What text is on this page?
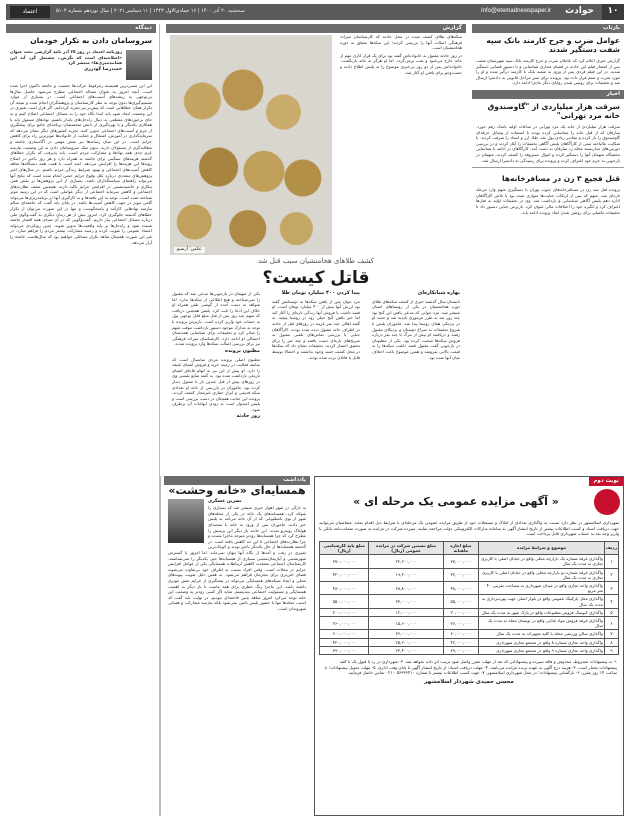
۱۰
حوادث
Info@etemadnewspaper.ir
سه‌شنبه ۲۰ آذر ۱۴۰۰ | ۱۶ جمادی‌الاول ۱۴۴۳ | ۱۱ دسامبر ۲۰۲۱ | سال نوزدهم شماره ۵۱۰۴
اعتماد
بازتاب
عوامل ضرب و جرح کارمند بانک سپه شفت دستگیر شدند

گزارش خبری اعلام کرد که عاملان ضرب و جرح کارمند بانک سپه شهرستان شفت پس از انتشار فیلم این حادثه در فضای مجازی شناسایی و با دستور قضایی دستگیر شدند. در این فیلم فردی پس از ورود به شعبه بانک با کارمند درگیر شده و او را مورد ضرب و شتم قرار داده بود. پرونده برای سیر مراحل قانونی به دادسرا ارسال شد و تحقیقات برای روشن شدن زوایای دیگر ماجرا ادامه دارد.

اخبار
سرقت هزار میلیاردی از "گاوصندوق خانه مرد تهرانی"

سرقت هزار میلیاردی از خانه یک مرد تهرانی در ساعات اولیه بامداد رقم خورد. سارقان که از قبل خانه را شناسایی کرده بودند با استفاده از وسایل حرفه‌ای گاوصندوق را باز کرده و مقادیر زیادی پول نقد، طلا، ارز و اسناد را سرقت کردند. با شکایت مالباخته تیمی از کارآگاهان پلیس آگاهی تحقیقات را آغاز کردند و در بررسی دوربین‌های مداربسته محله رد سارقان به دست آمد. کارآگاهان در ادامه با شناسایی مخفیگاه متهمان آنها را دستگیر کرده و اموال مسروقه را کشف کردند. متهمان در بازجویی به جرم خود اعتراف کرده و پرونده برای رسیدگی به دادسرا ارسال شد.

قتل فجیع ۳ زن در مسافرخانه‌ها

پرونده قتل سه زن در مسافرخانه‌های جنوب تهران با دستگیری متهم وارد مرحله تازه‌ای شد. متهم که پس از ارتکاب جنایت‌ها متواری شده بود با تلاش کارآگاهان اداره دهم پلیس آگاهی شناسایی و بازداشت شد. وی در تحقیقات اولیه به قتل‌ها اعتراف کرد و انگیزه خود را اختلافات مالی عنوان کرد. بازپرس جنایی دستور داد تا تحقیقات تکمیلی برای روشن شدن ابعاد پرونده ادامه یابد.

گزارش

سکه‌های طلای کشف شده در محل حادثه که کارشناسان میراث فرهنگی اصالت آنها را بررسی کردند؛ این سکه‌ها متعلق به دوره هخامنشیان است.

در روز حادثه مقتول به خانواده‌اش گفته بود برای یک قرار کاری مهم از خانه خارج می‌شود و شب برمی‌گردد. اما او هرگز به خانه بازنگشت. خانواده‌اش پس از دو روز بی‌خبری موضوع را به پلیس اطلاع دادند و جست‌وجو برای یافتن او آغاز شد.

عکس: آرشیو
کشف طلاهای هخامنشیان سبب قتل شد
قاتل کیست؟
بهاره شبانکاره‌ای

تابستان سال گذشته خبری از کشف سکه‌های طلای دوره هخامنشیان در یکی از روستاهای استان منتشر شد. مرد جوانی که مدعی یافتن این گنج بود چند روز بعد به طرز مرموزی ناپدید شد و جسد او در نزدیکی همان روستا پیدا شد. ماموران پلیس با شروع تحقیقات به سراغ دوستان و نزدیکان مقتول رفتند و دریافتند او پیش از مرگ با چند نفر درباره فروش سکه‌ها صحبت کرده بود. یکی از مظنونان در بازجویی گفت مقتول قصد داشت سکه‌ها را به قیمت بالایی بفروشد و همین موضوع باعث اختلاف میان آنها شده بود.

پیدا کردن ۴۰۰ میلیارد تومان طلا

مرد جوان پس از یافتن سکه‌ها به دوستانش گفته بود ارزش آنها بیش از ۴۰۰ میلیارد تومان است. او قصد داشت با فروش آنها زندگی تازه‌ای را آغاز کند اما خبر یافتن گنج خیلی زود در روستا پیچید. به گفته اهالی چند نفر غریبه در روزهای قبل از حادثه در اطراف خانه مقتول دیده شده بودند. کارآگاهان جنایی با بررسی تماس‌های تلفنی مقتول به سرنخ‌های تازه‌ای دست یافتند و چند نفر را برای تحقیق احضار کردند. تحقیقات نشان داد که سکه‌ها در محل کشف جسد وجود نداشتند و احتمالا توسط قاتل یا قاتلان برده شده بودند.

یکی از متهمان در بازجویی‌ها مدعی شد که مقتول را نمی‌شناخته و هیچ اطلاعی از سکه‌ها ندارد. اما شواهد به دست آمده از گوشی تلفن همراه او خلاف این ادعا را ثابت کرد. پلیس همچنین دریافت که متهم چند روز پس از قتل مبلغ قابل توجهی پول به حساب خود واریز کرده است. بازپرس پرونده با توجه به مدارک موجود دستور بازداشت موقت متهم را صادر کرد و تحقیقات برای شناسایی همدستان احتمالی او ادامه دارد. کارشناسان میراث فرهنگی نیز برای بررسی اصالت سکه‌ها وارد پرونده شدند.

مظنون پرونده

مظنون اصلی پرونده مردی میانسال است که سابقه فعالیت در زمینه خرید و فروش اشیای عتیقه را دارد. او پیش از این نیز به اتهام قاچاق اشیای تاریخی بازداشت شده بود. به گفته منابع پلیسی وی در روزهای پیش از قتل چندین بار با مقتول دیدار کرده بود. ماموران در بازرسی از خانه او تعدادی سکه قدیمی و ابزار حفاری غیرمجاز کشف کردند. پرونده این جنایت همچنان در دست بررسی است و پلیس امیدوار است به زودی ابهامات آن برطرف شود.

روز حادثه
دیدگاه
سروسامان دادن به تکرار خودمان

روزنامه اعتماد در روز ۲۵ آذر نامه گزارشی تحت عنوان «اصلاحیه‌ای است که نگرش.. مشتمل گرد آند این همانندمیری‌ها» منتشر کرد

حمیدرضا گودرزی

این این مسی‌ترین همبسته زمرقوط حرکت‌ها جمعیت و جامعه تاکنون اجرا شده است. آنچه امروز به عنوان مساله اجتماعی مطرح می‌شود حاصل سال‌ها بی‌توجهی به ریشه‌های آسیب‌های اجتماعی است. در بسیاری از موارد تصمیم‌گیری‌ها بدون توجه به نظر کارشناسان و پژوهشگران انجام شده و نتیجه آن تکرار همان خطاهایی است که پیش‌تر نیز تجربه کرده‌ایم. اگر قرار است تغییری در این وضعیت ایجاد شود باید ابتدا نگاه خود را به مسائل اجتماعی اصلاح کنیم و به جای برخوردهای مقطعی به دنبال راه‌حل‌های پایدار باشیم. نهادهای مسئول باید با همکاری یکدیگر و با بهره‌گیری از دانش متخصصان برنامه‌ای جامع برای پیشگیری از جرم و آسیب‌های اجتماعی تدوین کنند. تجربه کشورهای دیگر نشان می‌دهد که سرمایه‌گذاری در آموزش، اشتغال و حمایت از خانواده‌ها موثرترین راه برای کاهش جرایم است. در این میان رسانه‌ها نیز نقش مهمی در آگاه‌سازی جامعه و مطالبه‌گری از مسئولان دارند. بدون شک سروسامان دادن به این وضعیت نیازمند عزم جدی همه نهادها و مشارکت مردم است. باید پذیرفت که تکرار خطاهای گذشته هزینه‌های سنگینی برای جامعه به همراه دارد و هر روز تاخیر در اصلاح رویه‌ها این هزینه‌ها را افزایش می‌دهد. امید است با همت همه دستگاه‌ها شاهد کاهش آسیب‌های اجتماعی و بهبود شرایط زندگی مردم باشیم. در سال‌های اخیر پژوهش‌های متعددی درباره علل وقوع جرایم خشن انجام شده است که نتایج آنها می‌تواند راهنمای سیاستگذاران باشد. بسیاری از این پژوهش‌ها بر نقش فقر، بیکاری و حاشیه‌نشینی در افزایش جرایم تاکید دارند. همچنین ضعف نظارت‌های اجتماعی و کاهش سرمایه اجتماعی از دیگر عواملی است که در این زمینه موثر شناخته شده است. توجه به این یافته‌ها و به کارگیری آنها در برنامه‌ریزی‌ها می‌تواند گامی موثر در جهت کاهش آسیب‌ها باشد. در پایان باید گفت که جامعه‌ای سالم نیازمند نهادهایی کارآمد و پاسخگوست و تنها در این صورت می‌توان از تکرار خطاهای گذشته جلوگیری کرد. امروز بیش از هر زمان دیگری به گفت‌وگوی ملی درباره مسائل اجتماعی نیاز داریم. گفت‌وگویی که در آن صدای همه اقشار جامعه شنیده شود و راه‌حل‌ها بر پایه واقعیت‌ها تدوین شوند. چنین رویکردی می‌تواند اعتماد عمومی را تقویت کرده و زمینه مشارکت بیشتر مردم را فراهم سازد. در غیر این صورت همچنان شاهد تکرار مسائلی خواهیم بود که سال‌هاست جامعه را آزار می‌دهد.

نوبت دوم
« آگهی مزایده عمومی یک مرحله ای »

شهرداری اسلامشهر در نظر دارد نسبت به واگذاری تعدادی از املاک و مستغلات خود از طریق مزایده عمومی یک مرحله‌ای با شرایط ذیل اقدام نماید. متقاضیان می‌توانند جهت دریافت اسناد و کسب اطلاعات بیشتر از تاریخ انتشار آگهی به سامانه تدارکات الکترونیکی دولت مراجعه نمایند. سپرده شرکت در مزایده به صورت ضمانت‌نامه بانکی یا واریز وجه نقد به حساب شهرداری قابل پرداخت است.

ردیف	موضوع و شرایط مزایده	مبلغ اجاره ماهیانه	مبلغ تضمین شرکت در مزایده عمومی (ریال)	مبلغ پایه کارشناسی (ریال)
۱	واگذاری غرفه شماره یک بازارچه محلی واقع در خیابان اصلی با کاربری تجاری به مدت یک سال	۳۷,۰۰۰,۰۰۰	۲۲,۲۰۰,۰۰۰	۳۷۰,۰۰۰,۰۰۰
۲	واگذاری غرفه شماره دو بازارچه محلی واقع در خیابان اصلی با کاربری تجاری به مدت یک سال	۳۲,۰۰۰,۰۰۰	۱۹,۲۰۰,۰۰۰	۳۲۰,۰۰۰,۰۰۰
۳	واگذاری واحد تجاری واقع در میدان شهرداری به مساحت تقریبی ۴۰ متر مربع	۴۸,۰۰۰,۰۰۰	۲۸,۸۰۰,۰۰۰	۴۸۰,۰۰۰,۰۰۰
۴	واگذاری محل پارکینگ عمومی واقع در بلوار اصلی جهت بهره‌برداری به مدت یک سال	۵۵,۰۰۰,۰۰۰	۳۳,۰۰۰,۰۰۰	۵۵۰,۰۰۰,۰۰۰
۵	واگذاری کیوسک فروش مطبوعات واقع در پارک شهر به مدت یک سال	۲۰,۰۰۰,۰۰۰	۱۲,۰۰۰,۰۰۰	۲۰۰,۰۰۰,۰۰۰
۶	واگذاری غرفه فروش مواد غذایی واقع در بوستان محله به مدت یک سال	۲۶,۰۰۰,۰۰۰	۱۵,۶۰۰,۰۰۰	۲۶۰,۰۰۰,۰۰۰
۷	واگذاری سالن ورزشی محله با کلیه تجهیزات به مدت یک سال	۶۰,۰۰۰,۰۰۰	۳۶,۰۰۰,۰۰۰	۶۰۰,۰۰۰,۰۰۰
۸	واگذاری واحد تجاری شماره ۸ واقع در مجتمع تجاری شهرداری	۴۲,۰۰۰,۰۰۰	۲۵,۲۰۰,۰۰۰	۴۲۰,۰۰۰,۰۰۰
۹	واگذاری واحد تجاری شماره ۹ واقع در مجتمع تجاری شهرداری	۳۹,۰۰۰,۰۰۰	۲۳,۴۰۰,۰۰۰	۳۹۰,۰۰۰,۰۰۰

۱- به پیشنهادات مشروط، مخدوش و فاقد سپرده و پیشنهاداتی که بعد از مهلت مقرر واصل شود ترتیب اثر داده نخواهد شد. ۲- شهرداری در رد یا قبول یک یا کلیه پیشنهادات مختار است. ۳- هزینه درج آگهی به عهده برنده مزایده می‌باشد. ۴- مهلت دریافت اسناد: از تاریخ انتشار آگهی تا پایان وقت اداری. ۵- مهلت تحویل پیشنهادات: تا ساعت ۱۴ روز مقرر. ۶- بازگشایی پیشنهادات: در محل شهرداری اسلامشهر. ۷- جهت کسب اطلاعات بیشتر با شماره ۵۶۳۳۶۴۱۰ - ۰۲۱ تماس حاصل فرمایید.

محسن حمیدی شهردار اسلامشهر
یادداشت
همسایه‌ای «خانه وحشت»
نسرین عسگری

به تازگی در شهر اهواز خبری منتشر شد که بسیاری را شوکه کرد. همسایه‌های یک خانه در یکی از محله‌های شهر از بوی نامطبوعی که از آن خانه می‌آمد به پلیس خبر دادند. ماموران پس از ورود به خانه با صحنه‌ای هولناک روبه‌رو شدند. این حادثه بار دیگر این پرسش را مطرح کرد که چرا همسایه‌ها زودتر متوجه ماجرا نشدند و چرا نظارت‌های اجتماعی تا این حد کاهش یافته است. در گذشته همسایه‌ها از حال یکدیگر باخبر بودند و کوچک‌ترین تغییری در رفت و آمدها از نگاه آنها پنهان نمی‌ماند. اما امروز با گسترش شهرنشینی و آپارتمان‌نشینی بسیاری از همسایه‌ها حتی یکدیگر را نمی‌شناسند. کارشناسان اجتماعی معتقدند کاهش ارتباطات همسایگی یکی از عوامل افزایش جرایم در محلات است. وقتی افراد نسبت به اطراف خود بی‌تفاوت می‌شوند فضای امن‌تری برای مجرمان فراهم می‌شود. به همین دلیل تقویت پیوندهای محلی و ایجاد شبکه‌های همسایگی می‌تواند در پیشگیری از جرایم نقش موثری داشته باشد. این ماجرا زنگ خطری برای همه ماست تا بار دیگر به اهمیت همسایگی و مسئولیت اجتماعی بیندیشیم. شاید اگر کسی زودتر به وضعیت این خانه توجه می‌کرد امروز شاهد چنین فاجعه‌ای نبودیم. در نهایت باید گفت که امنیت محله‌ها تنها با حضور پلیس تامین نمی‌شود بلکه نیازمند مشارکت و همدلی شهروندان است.
